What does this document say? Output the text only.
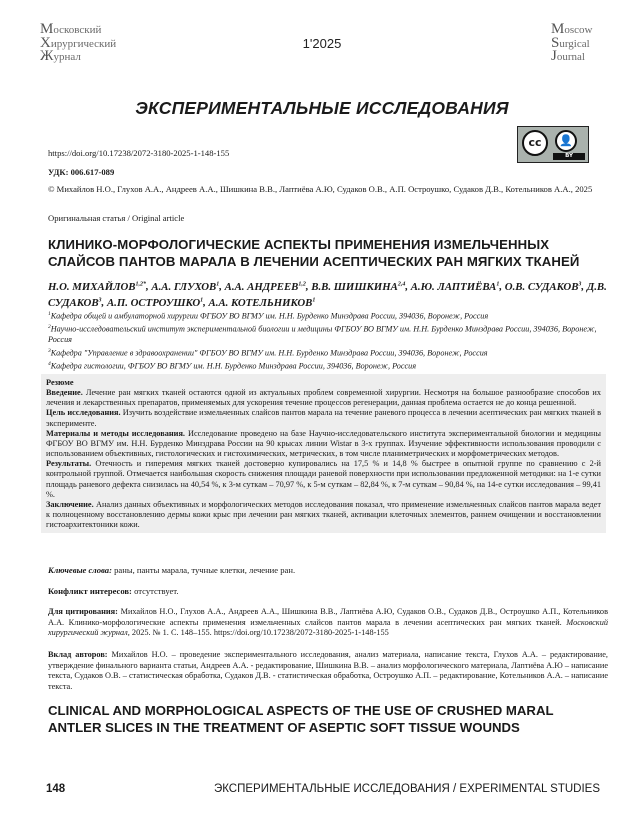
Московский
Хирургический
Журнал
1'2025
Moscow
Surgical
Journal
ЭКСПЕРИМЕНТАЛЬНЫЕ ИССЛЕДОВАНИЯ
cc	👤
BY
https://doi.org/10.17238/2072-3180-2025-1-148-155
УДК: 006.617-089
© Михайлов Н.О., Глухов А.А., Андреев А.А., Шишкина В.В., Лаптиёва А.Ю, Судаков О.В., А.П. Остроушко, Судаков Д.В., Котельников А.А., 2025
Оригинальная статья / Original article
КЛИНИКО-МОРФОЛОГИЧЕСКИЕ АСПЕКТЫ ПРИМЕНЕНИЯ ИЗМЕЛЬЧЕННЫХ СЛАЙСОВ ПАНТОВ МАРАЛА В ЛЕЧЕНИИ АСЕПТИЧЕСКИХ РАН МЯГКИХ ТКАНЕЙ
Н.О. $МИХАЙЛОВ^{1,2*}$, А.А. ГЛУХОВ$^1$, А.А. АНДРЕЕВ$^{1,2}$, В.В. ШИШКИНА$^{2,4}$, А.Ю. ЛАПТИЁВА$^1$, О.В. СУДАКОВ$^3$, Д.В. СУДАКОВ$^3$, А.П. ОСТРОУШКО$^1$, А.А. КОТЕЛЬНИКОВ$^1$
$^1$Кафедра общей и амбулаторной хирургии ФГБОУ ВО ВГМУ им. Н.Н. Бурденко Минздрава России, 394036, Воронеж, Россия
$^2$Научно-исследовательский институт экспериментальной биологии и медицины ФГБОУ ВО ВГМУ им. Н.Н. Бурденко Минздрава России, 394036, Воронеж, Россия
$^3$Кафедра "Управление в здравоохранении" ФГБОУ ВО ВГМУ им. Н.Н. Бурденко Минздрава России, 394036, Воронеж, Россия
$^4$Кафедра гистологии, ФГБОУ ВО ВГМУ им. Н.Н. Бурденко Минздрава России, 394036, Воронеж, Россия
Резюме
Введение. Лечение ран мягких тканей остаются одной из актуальных проблем современной хирургии. Несмотря на большое разнообразие способов их лечения и лекарственных препаратов, применяемых для ускорения течение процессов регенерации, данная проблема остается не до конца решенной.
Цель исследования. Изучить воздействие измельченных слайсов пантов марала на течение раневого процесса в лечении асептических ран мягких тканей в эксперименте.
Материалы и методы исследования. Исследование проведено на базе Научно-исследовательского института экспериментальной биологии и медицины ФГБОУ ВО ВГМУ им. Н.Н. Бурденко Минздрава России на 90 крысах линии Wistar в 3-х группах. Изучение эффективности использования проводили с использованием объективных, гистологических и гистохимических, метрических, в том числе планиметрических и морфометрических методов.
Результаты. Отечность и гиперемия мягких тканей достоверно купировались на 17,5 % и 14,8 % быстрее в опытной группе по сравнению с 2-й контрольной группой. Отмечается наибольшая скорость снижения площади раневой поверхности при использовании предложенной методики: на 1-е сутки площадь раневого дефекта снизилась на 40,54 %, к 3-м суткам – 70,97 %, к 5-м суткам – 82,84 %, к 7-м суткам – 90,84 %, на 14-е сутки исследования – 99,41 %.
Заключение. Анализ данных объективных и морфологических методов исследования показал, что применение измельченных слайсов пантов марала ведет к полноценному восстановлению дермы кожи крыс при лечении ран мягких тканей, активации клеточных элементов, раннем очищении и восстановлении гистоархитектоники кожи.
Ключевые слова: раны, панты марала, тучные клетки, лечение ран.
Конфликт интересов: отсутствует.
Для цитирования: Михайлов Н.О., Глухов А.А., Андреев А.А., Шишкина В.В., Лаптиёва А.Ю, Судаков О.В., Судаков Д.В., Остроушко А.П., Котельников А.А. Клинико-морфологические аспекты применения измельченных слайсов пантов марала в лечении асептических ран мягких тканей. Московский хирургический журнал, 2025. № 1. С. 148–155. https://doi.org/10.17238/2072-3180-2025-1-148-155
Вклад авторов: Михайлов Н.О. – проведение экспериментального исследования, анализ материала, написание текста, Глухов А.А. – редактирование, утверждение финального варианта статьи, Андреев А.А. - редактирование, Шишкина В.В. – анализ морфологического материала, Лаптиёва А.Ю – написание текста, Судаков О.В. – статистическая обработка, Судаков Д.В. - статистическая обработка, Остроушко А.П. – редактирование, Котельников А.А. – написание текста.
CLINICAL AND MORPHOLOGICAL ASPECTS OF THE USE OF CRUSHED MARAL ANTLER SLICES IN THE TREATMENT OF ASEPTIC SOFT TISSUE WOUNDS
148	ЭКСПЕРИМЕНТАЛЬНЫЕ ИССЛЕДОВАНИЯ / EXPERIMENTAL STUDIES
